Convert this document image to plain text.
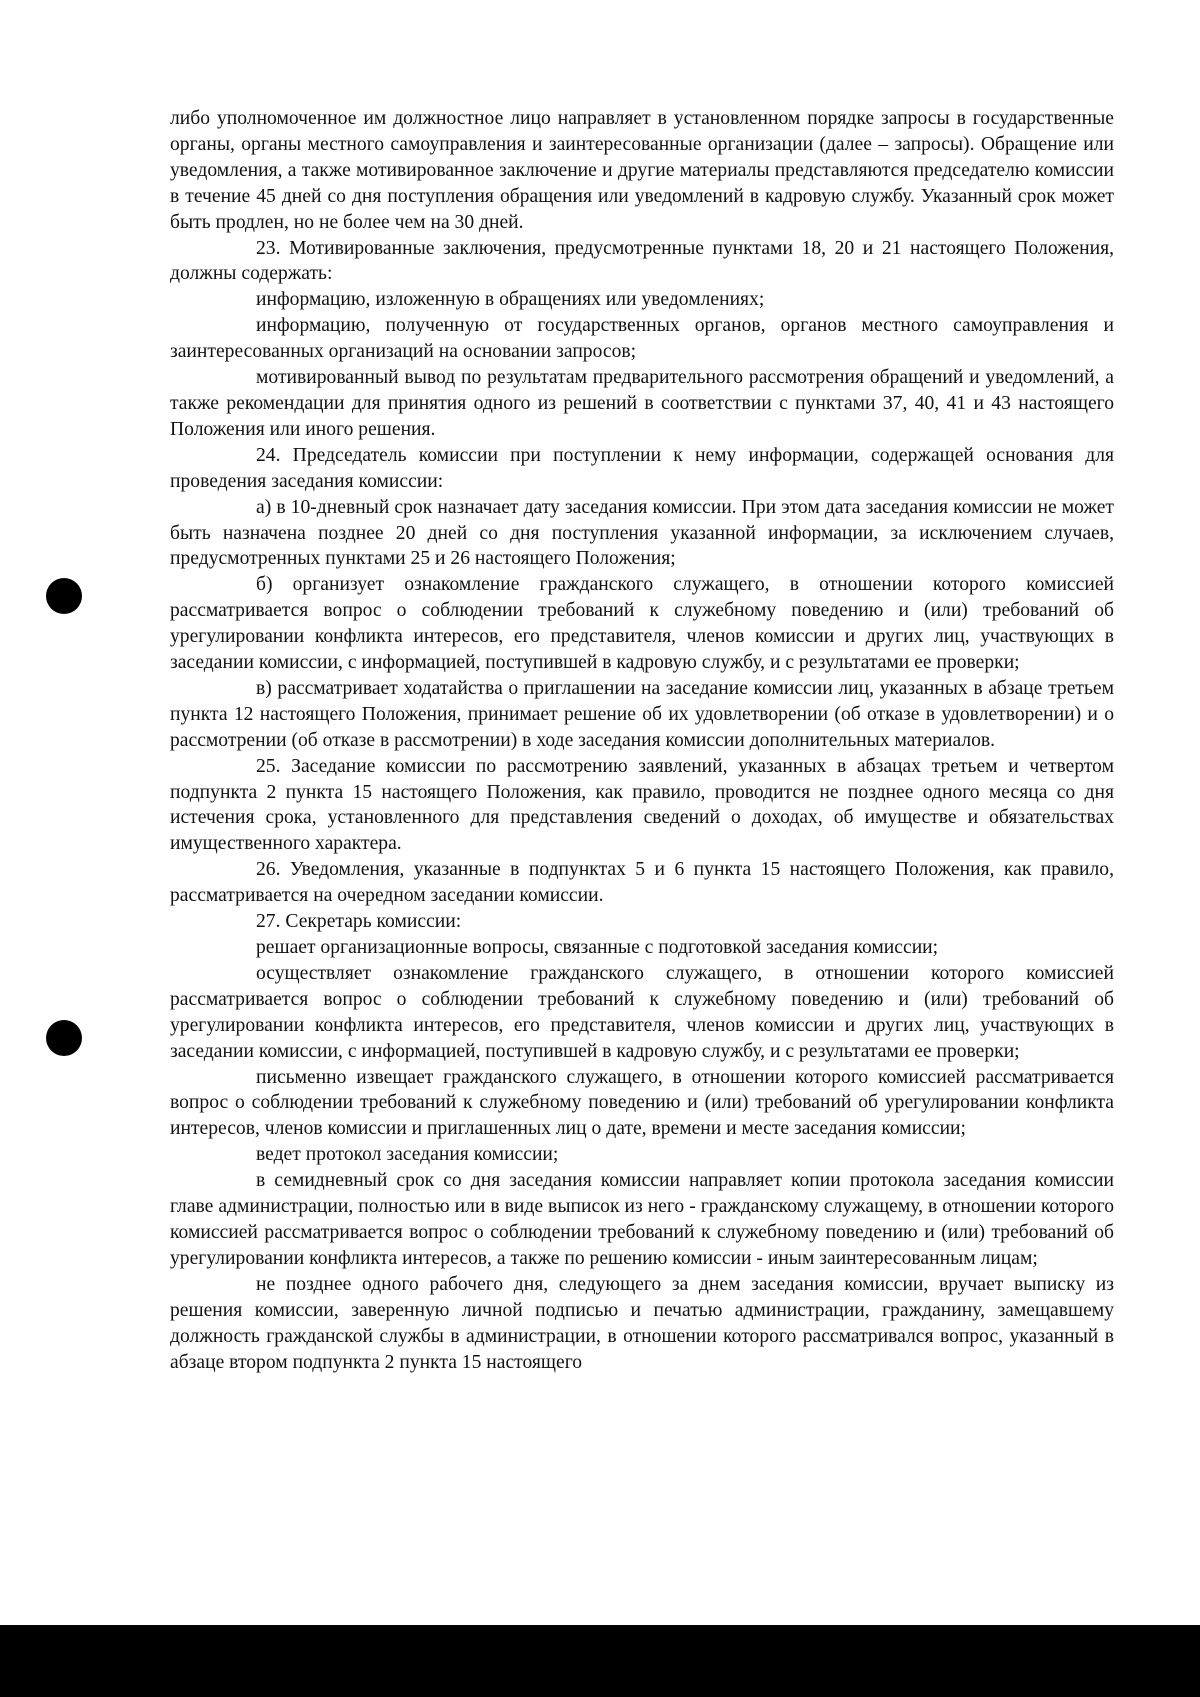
либо уполномоченное им должностное лицо направляет в установленном порядке запросы в государственные органы, органы местного самоуправления и заинтересованные организации (далее – запросы). Обращение или уведомления, а также мотивированное заключение и другие материалы представляются председателю комиссии в течение 45 дней со дня поступления обращения или уведомлений в кадровую службу. Указанный срок может быть продлен, но не более чем на 30 дней.

23. Мотивированные заключения, предусмотренные пунктами 18, 20 и 21 настоящего Положения, должны содержать:

информацию, изложенную в обращениях или уведомлениях;

информацию, полученную от государственных органов, органов местного самоуправления и заинтересованных организаций на основании запросов;

мотивированный вывод по результатам предварительного рассмотрения обращений и уведомлений, а также рекомендации для принятия одного из решений в соответствии с пунктами 37, 40, 41 и 43 настоящего Положения или иного решения.

24. Председатель комиссии при поступлении к нему информации, содержащей основания для проведения заседания комиссии:

а) в 10-дневный срок назначает дату заседания комиссии. При этом дата заседания комиссии не может быть назначена позднее 20 дней со дня поступления указанной информации, за исключением случаев, предусмотренных пунктами 25 и 26 настоящего Положения;

б) организует ознакомление гражданского служащего, в отношении которого комиссией рассматривается вопрос о соблюдении требований к служебному поведению и (или) требований об урегулировании конфликта интересов, его представителя, членов комиссии и других лиц, участвующих в заседании комиссии, с информацией, поступившей в кадровую службу, и с результатами ее проверки;

в) рассматривает ходатайства о приглашении на заседание комиссии лиц, указанных в абзаце третьем пункта 12 настоящего Положения, принимает решение об их удовлетворении (об отказе в удовлетворении) и о рассмотрении (об отказе в рассмотрении) в ходе заседания комиссии дополнительных материалов.

25. Заседание комиссии по рассмотрению заявлений, указанных в абзацах третьем и четвертом подпункта 2 пункта 15 настоящего Положения, как правило, проводится не позднее одного месяца со дня истечения срока, установленного для представления сведений о доходах, об имуществе и обязательствах имущественного характера.

26. Уведомления, указанные в подпунктах 5 и 6 пункта 15 настоящего Положения, как правило, рассматривается на очередном заседании комиссии.

27. Секретарь комиссии:

решает организационные вопросы, связанные с подготовкой заседания комиссии;

осуществляет ознакомление гражданского служащего, в отношении которого комиссией рассматривается вопрос о соблюдении требований к служебному поведению и (или) требований об урегулировании конфликта интересов, его представителя, членов комиссии и других лиц, участвующих в заседании комиссии, с информацией, поступившей в кадровую службу, и с результатами ее проверки;

письменно извещает гражданского служащего, в отношении которого комиссией рассматривается вопрос о соблюдении требований к служебному поведению и (или) требований об урегулировании конфликта интересов, членов комиссии и приглашенных лиц о дате, времени и месте заседания комиссии;

ведет протокол заседания комиссии;

в семидневный срок со дня заседания комиссии направляет копии протокола заседания комиссии главе администрации, полностью или в виде выписок из него - гражданскому служащему, в отношении которого комиссией рассматривается вопрос о соблюдении требований к служебному поведению и (или) требований об урегулировании конфликта интересов, а также по решению комиссии - иным заинтересованным лицам;

не позднее одного рабочего дня, следующего за днем заседания комиссии, вручает выписку из решения комиссии, заверенную личной подписью и печатью администрации, гражданину, замещавшему должность гражданской службы в администрации, в отношении которого рассматривался вопрос, указанный в абзаце втором подпункта 2 пункта 15 настоящего
